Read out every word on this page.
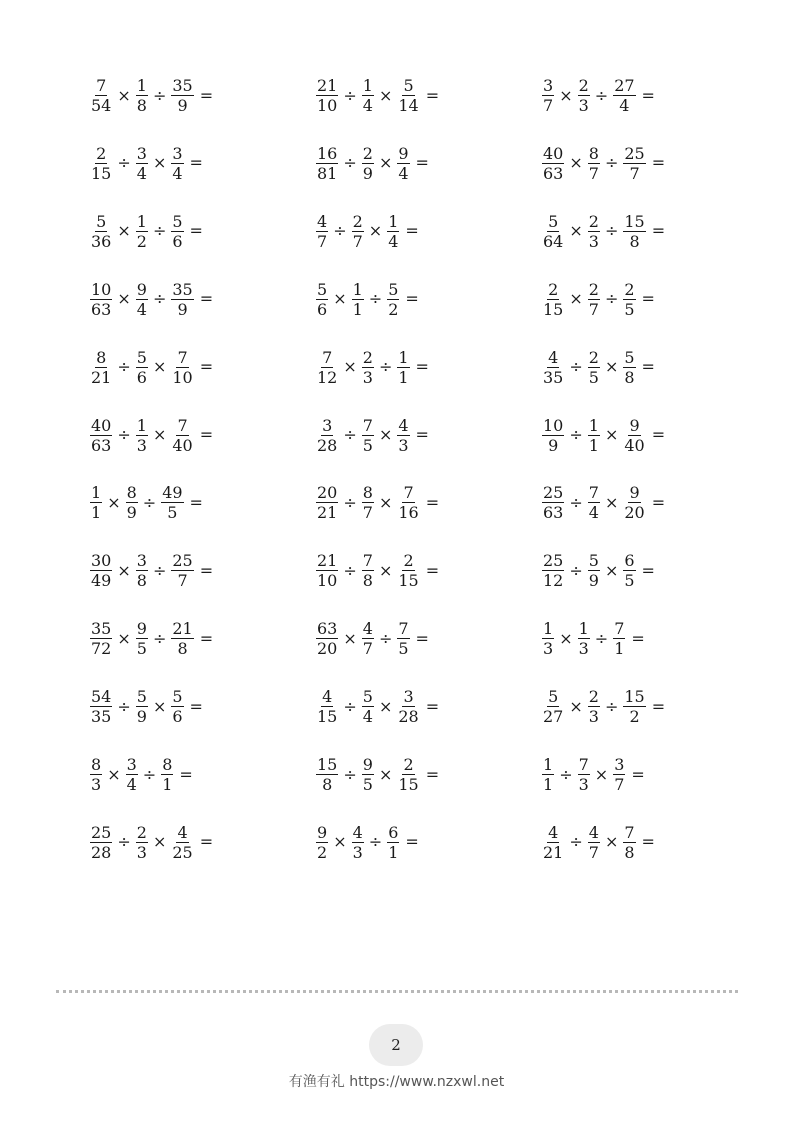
$\frac{7}{54} \times \frac{1}{8} \div \frac{35}{9}$ =
$\frac{2}{15} \div \frac{3}{4} \times \frac{3}{4}$ =
$\frac{5}{36} \times \frac{1}{2} \div \frac{5}{6}$ =
$\frac{10}{63} \times \frac{9}{4} \div \frac{35}{9}$ =
$\frac{8}{21} \div \frac{5}{6} \times \frac{7}{10}$ =
$\frac{40}{63} \div \frac{1}{3} \times \frac{7}{40}$ =
$\frac{1}{1} \times \frac{8}{9} \div \frac{49}{5}$ =
$\frac{30}{49} \times \frac{3}{8} \div \frac{25}{7}$ =
$\frac{35}{72} \times \frac{9}{5} \div \frac{21}{8}$ =
$\frac{54}{35} \div \frac{5}{9} \times \frac{5}{6}$ =
$\frac{8}{3} \times \frac{3}{4} \div \frac{8}{1}$ =
$\frac{25}{28} \div \frac{2}{3} \times \frac{4}{25}$ =
$\frac{21}{10} \div \frac{1}{4} \times \frac{5}{14}$ =
$\frac{16}{81} \div \frac{2}{9} \times \frac{9}{4}$ =
$\frac{4}{7} \div \frac{2}{7} \times \frac{1}{4}$ =
$\frac{5}{6} \times \frac{1}{1} \div \frac{5}{2}$ =
$\frac{7}{12} \times \frac{2}{3} \div \frac{1}{1}$ =
$\frac{3}{28} \div \frac{7}{5} \times \frac{4}{3}$ =
$\frac{20}{21} \div \frac{8}{7} \times \frac{7}{16}$ =
$\frac{21}{10} \div \frac{7}{8} \times \frac{2}{15}$ =
$\frac{63}{20} \times \frac{4}{7} \div \frac{7}{5}$ =
$\frac{4}{15} \div \frac{5}{4} \times \frac{3}{28}$ =
$\frac{15}{8} \div \frac{9}{5} \times \frac{2}{15}$ =
$\frac{9}{2} \times \frac{4}{3} \div \frac{6}{1}$ =
$\frac{3}{7} \times \frac{2}{3} \div \frac{27}{4}$ =
$\frac{40}{63} \times \frac{8}{7} \div \frac{25}{7}$ =
$\frac{5}{64} \times \frac{2}{3} \div \frac{15}{8}$ =
$\frac{2}{15} \times \frac{2}{7} \div \frac{2}{5}$ =
$\frac{4}{35} \div \frac{2}{5} \times \frac{5}{8}$ =
$\frac{10}{9} \div \frac{1}{1} \times \frac{9}{40}$ =
$\frac{25}{63} \div \frac{7}{4} \times \frac{9}{20}$ =
$\frac{25}{12} \div \frac{5}{9} \times \frac{6}{5}$ =
$\frac{1}{3} \times \frac{1}{3} \div \frac{7}{1}$ =
$\frac{5}{27} \times \frac{2}{3} \div \frac{15}{2}$ =
$\frac{1}{1} \div \frac{7}{3} \times \frac{3}{7}$ =
$\frac{4}{21} \div \frac{4}{7} \times \frac{7}{8}$ =
2
有渔有礼 https://www.nzxwl.net
